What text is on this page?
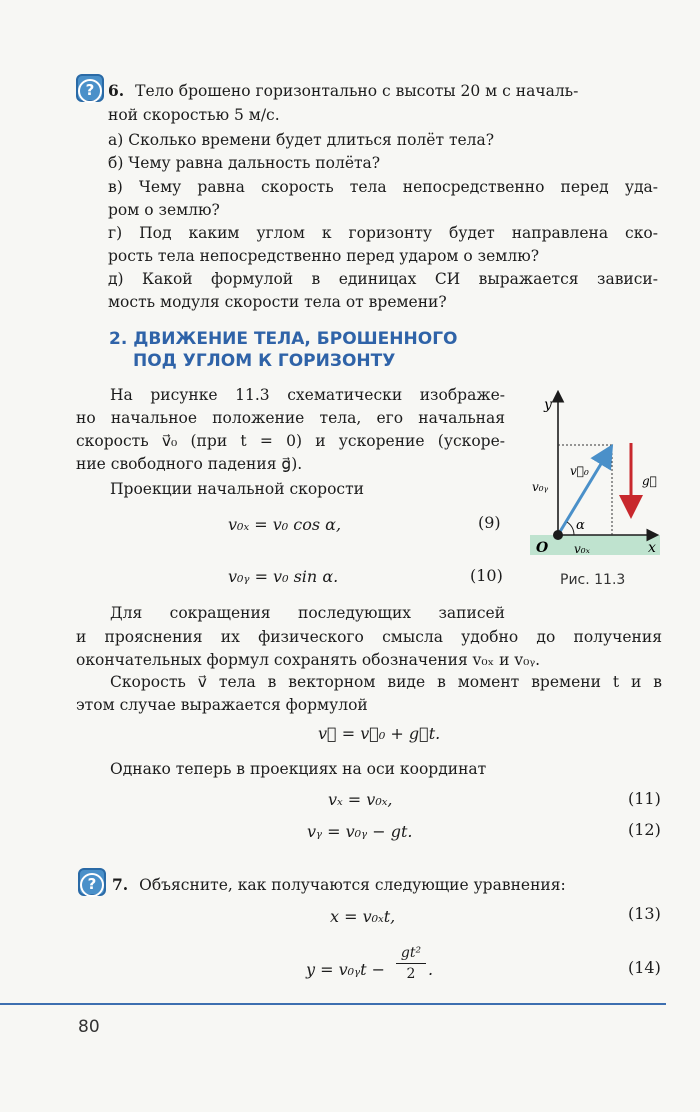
? 6. Тело брошено горизонтально с высоты 20 м с началь-
ной скоростью 5 м/с.
а) Сколько времени будет длиться полёт тела?
б) Чему равна дальность полёта?
в) Чему равна скорость тела непосредственно перед уда-
ром о землю?
г) Под каким углом к горизонту будет направлена ско-
рость тела непосредственно перед ударом о землю?
д) Какой формулой в единицах СИ выражается зависи-
мость модуля скорости тела от времени?
2. ДВИЖЕНИЕ ТЕЛА, БРОШЕННОГО
ПОД УГЛОМ К ГОРИЗОНТУ
На рисунке 11.3 схематически изображе-
но начальное положение тела, его начальная
скорость v⃗₀ (при t = 0) и ускорение (ускоре-
ние свободного падения g⃗).
Проекции начальной скорости
v₀ₓ = v₀ cos α,	(9)
v₀ᵧ = v₀ sin α.	(10)
y
x
O
v⃗₀
v₀ᵧ
v₀ₓ
α
g⃗
Рис. 11.3
Для сокращения последующих записей
и прояснения их физического смысла удобно до получения
окончательных формул сохранять обозначения v₀ₓ и v₀ᵧ.
Скорость v⃗ тела в векторном виде в момент времени t и в
этом случае выражается формулой
v⃗ = v⃗₀ + g⃗t.
Однако теперь в проекциях на оси координат
vₓ = v₀ₓ,	(11)
vᵧ = v₀ᵧ − gt.	(12)
?	7. Объясните, как получаются следующие уравнения:
x = v₀ₓt,	(13)
y = v₀ᵧt −
gt²
2 .	(14)
80
